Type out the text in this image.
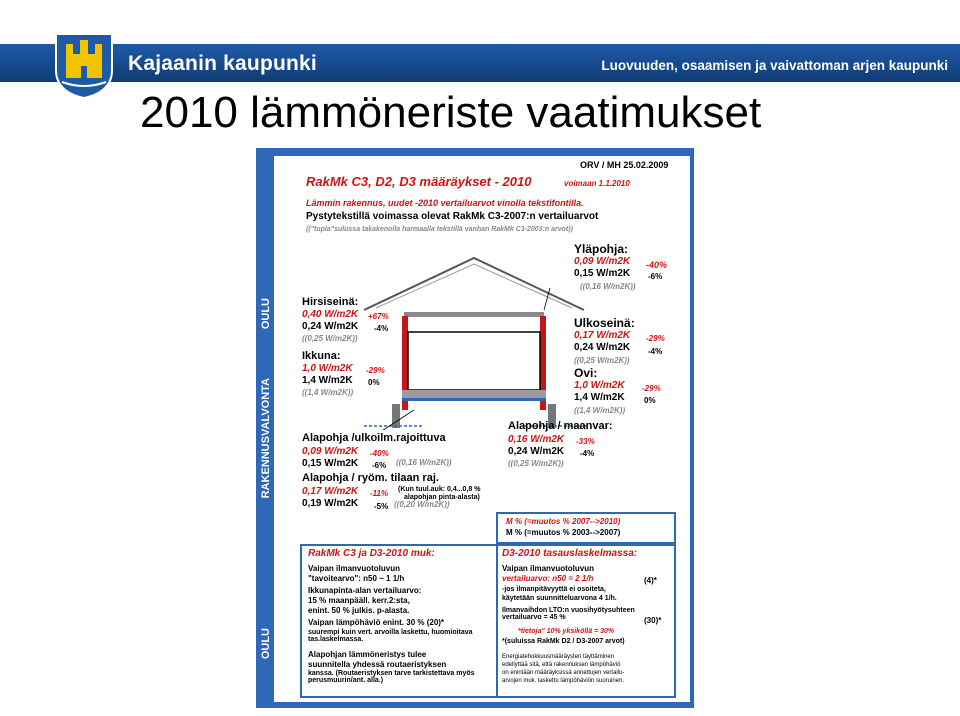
Kajaanin kaupunki	Luovuuden, osaamisen ja vaivattoman arjen kaupunki
2010 lämmöneriste vaatimukset
OULU
RAKENNUSVALVONTA
OULU
ORV / MH 25.02.2009
RakMk C3, D2, D3 määräykset - 2010	voimaan 1.1.2010
Lämmin rakennus, uudet -2010 vertailuarvot vinolla tekstifontilla.
Pystytekstillä voimassa olevat RakMk C3-2007:n vertailuarvot
(("tupla"sulussa takakenolla harmaalla tekstillä vanhan RakMk C3-2003:n arvot))
Yläpohja:
0,09 W/m2K -40%
0,15 W/m2K -6%
((0,16 W/m2K))
Hirsiseinä:
0,40 W/m2K +67%
0,24 W/m2K -4%
((0,25 W/m2K))
Ulkoseinä:
0,17 W/m2K -29%
0,24 W/m2K -4%
((0,25 W/m2K))
Ikkuna:
1,0 W/m2K -29%
1,4 W/m2K 0%
((1,4 W/m2K))
Ovi:
1,0 W/m2K -29%
1,4 W/m2K 0%
((1,4 W/m2K))
Alapohja /ulkoilm.rajoittuva
0,09 W/m2K -40%
0,15 W/m2K -6% ((0,16 W/m2K))
Alapohja / maanvar:
0,16 W/m2K -33%
0,24 W/m2K -4%
((0,25 W/m2K))
Alapohja / ryöm. tilaan raj.
0,17 W/m2K -11% (Kun tuul.auk: 0,4...0,8 %
alapohjan pinta-alasta)
0,19 W/m2K -5% ((0,20 W/m2K))
M % (=muutos % 2007-->2010)
M % (=muutos % 2003-->2007)
RakMk C3 ja D3-2010 muk:
Vaipan ilmanvuotoluvun
"tavoitearvo": n50 ~ 1 1/h
Ikkunapinta-alan vertailuarvo:
15 % maanpääll. kerr.2:sta,
enint. 50 % julkis. p-alasta.
Vaipan lämpöhäviö enint. 30 % (20)*
suurempi kuin vert. arvoilla laskettu, huomioitava tas.laskelmassa.
Alapohjan lämmöneristys tulee
suunnitella yhdessä routaeristyksen
kanssa. (Routaeristyksen tarve tarkistettava myös perusmuurin/ant. alla.)
D3-2010 tasauslaskelmassa:
Vaipan ilmanvuotoluvun
vertailuarvo: n50 = 2 1/h	(4)*
-jos ilmanpitävyyttä ei osoiteta,
käytetään suunnitteluarvona 4 1/h.
Ilmanvaihdon LTO:n vuosihyötysuhteen vertailuarvo = 45 %	(30)*
*tietoja" 10% yksiköllä = 30%
*(suluissa RakMk D2 / D3-2007 arvot)
Energiatehokkuusmääräysten täyttäminen
edellyttää sitä, että rakennuksen lämpöhäviö
on enintään määräyksissä annettujen vertailu-
arvojen muk. laskettu lämpöhäviön suuruinen.
